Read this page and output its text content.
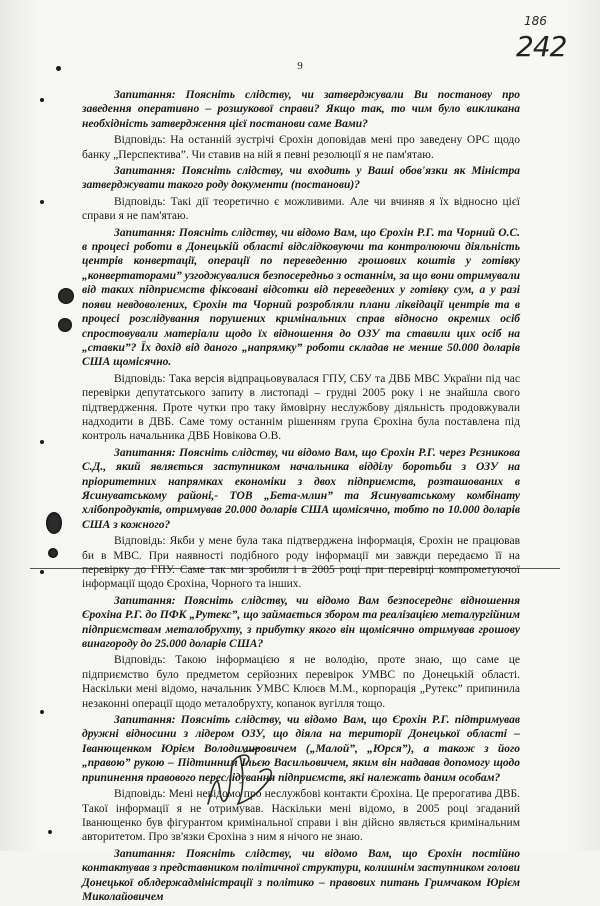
186
242
9

Запитання: Поясніть слідству, чи затверджували Ви постанову про заведення оперативно – розшукової справи? Якщо так, то чим було викликана необхідність затвердження цієї постанови саме Вами?

Відповідь: На останній зустрічі Єрохін доповідав мені про заведену ОРС щодо банку „Перспектива”. Чи ставив на ній я певні резолюції я не пам'ятаю.

Запитання: Поясніть слідству, чи входить у Ваші обов'язки як Міністра затверджувати такого роду документи (постанови)?

Відповідь: Такі дії теоретично є можливими. Але чи вчиняв я їх відносно цієї справи я не пам'ятаю.

Запитання: Поясніть слідству, чи відомо Вам, що Єрохін Р.Г. та Чорний О.С. в процесі роботи в Донецькій області відслідковуючи та контролюючи діяльність центрів конвертації, операції по переведенню грошових коштів у готівку „конвертаторами” узгоджувалися безпосередньо з останнім, за що вони отримували від таких підприємств фіксовані відсотки від переведених у готівку сум, а у разі появи невдоволених, Єрохін та Чорний розробляли плани ліквідації центрів та в процесі розслідування порушених кримінальних справ відносно окремих осіб спростовували матеріали щодо їх відношення до ОЗУ та ставили цих осіб на „ставки”? Їх дохід від даного „напрямку” роботи складав не менше 50.000 доларів США щомісячно.

Відповідь: Така версія відпрацьовувалася ГПУ, СБУ та ДВБ МВС України під час перевірки депутатського запиту в листопаді – грудні 2005 року і не знайшла свого підтвердження. Проте чутки про таку ймовірну неслужбову діяльність продовжували надходити в ДВБ. Саме тому останнім рішенням група Єрохіна була поставлена під контроль начальника ДВБ Новікова О.В.

Запитання: Поясніть слідству, чи відомо Вам, що Єрохін Р.Г. через Рєзникова С.Д., який являється заступником начальника відділу боротьби з ОЗУ на пріоритетних напрямках економіки з двох підприємств, розташованих в Ясинуватському районі,- ТОВ „Бета-млин” та Ясинуватському комбінату хлібопродуктів, отримував 20.000 доларів США щомісячно, тобто по 10.000 доларів США з кожного?

Відповідь: Якби у мене була така підтверджена інформація, Єрохін не працював би в МВС. При наявності подібного роду інформації ми завжди передаємо її на перевірку до ГПУ. Саме так ми зробили і в 2005 році при перевірці компрометуючої інформації щодо Єрохіна, Чорного та інших.

Запитання: Поясніть слідству, чи відомо Вам безпосереднє відношення Єрохіна Р.Г. до ПФК „Рутекс”, що займається збором та реалізацією металургійним підприємствам металобрухту, з прибутку якого він щомісячно отримував грошову винагороду до 25.000 доларів США?

Відповідь: Такою інформацією я не володію, проте знаю, що саме це підприємство було предметом серйозних перевірок УМВС по Донецькій області. Наскільки мені відомо, начальник УМВС Клюєв М.М., корпорація „Рутекс” припинила незаконні операції щодо металобрухту, копанок вугілля тощо.

Запитання: Поясніть слідству, чи відомо Вам, що Єрохін Р.Г. підтримував дружні відносини з лідером ОЗУ, що діяла на території Донецької області – Іванющенком Юрієм Володимировичем („Малой”, „Юрся”), а також з його „правою” рукою – Підтинним Ільєю Васильовичем, яким він надавав допомогу щодо припинення правового переслідування підприємств, які належать даним особам?

Відповідь: Мені невідомо про неслужбові контакти Єрохіна. Це прерогатива ДВБ. Такої інформації я не отримував. Наскільки мені відомо, в 2005 році згаданий Іванющенко був фігурантом кримінальної справи і він дійсно являється кримінальним авторитетом. Про зв'язки Єрохіна з ним я нічого не знаю.

Запитання: Поясніть слідству, чи відомо Вам, що Єрохін постійно контактував з представником політичної структури, колишнім заступником голови Донецької облдержадміністрації з політико – правових питань Гримчаком Юрієм Миколайовичем
